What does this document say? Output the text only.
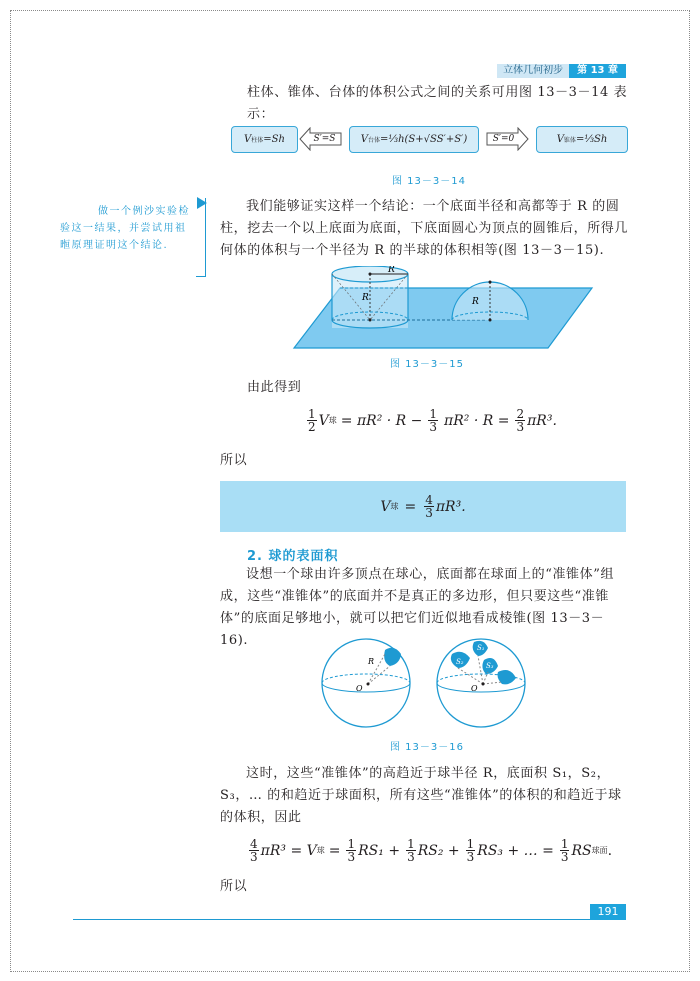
立体几何初步	第 13 章
柱体、锥体、台体的体积公式之间的关系可用图 13－3－14 表示：
V 柱体 =Sh	S′=S	V 台体 =⅓h(S+√SS′+S′)	S′=0	V 锥体 =⅓Sh
图 13－3－14
做一个例沙实验检验这一结果，并尝试用祖暅原理证明这个结论.
我们能够证实这样一个结论：一个底面半径和高都等于 R 的圆柱，挖去一个以上底面为底面，下底面圆心为顶点的圆锥后，所得几何体的体积与一个半径为 R 的半球的体积相等(图 13－3－15).
R
R	R
图 13－3－15
由此得到
$\frac{1}{2}$ V 球 = $\pi R^2 \cdot R - \frac{1}{3} \pi R^2 \cdot R = \frac{2}{3} \pi R^3$.
所以
V 球 = $\frac{4}{3} \pi R^3$.
2. 球的表面积
设想一个球由许多顶点在球心，底面都在球面上的“准锥体”组成，这些“准锥体”的底面并不是真正的多边形，但只要这些“准锥体”的底面足够地小，就可以把它们近似地看成棱锥(图 13－3－16).
R
O
S₁
S₂	S₃
O
图 13－3－16
这时，这些“准锥体”的高趋近于球半径 R，底面积 S₁，S₂，S₃，… 的和趋近于球面积，所有这些“准锥体”的体积的和趋近于球的体积，因此
$\frac{4}{3} \pi R^3 = V$ 球 = $\frac{1}{3} RS_1 + \frac{1}{3} RS_2 + \frac{1}{3} RS_3$ + … = $\frac{1}{3}$ RS 球面 .
所以
191
